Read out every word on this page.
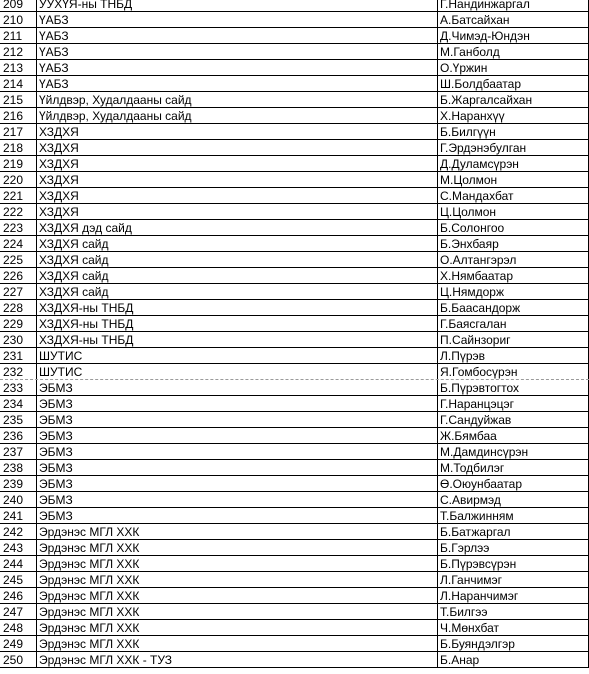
209	УУХҮЯ-ны ТНБД	Г.Нандинжаргал
210	ҮАБЗ	А.Батсайхан
211	ҮАБЗ	Д.Чимэд-Юндэн
212	ҮАБЗ	М.Ганболд
213	ҮАБЗ	О.Үржин
214	ҮАБЗ	Ш.Болдбаатар
215	Үйлдвэр, Худалдааны сайд	Б.Жаргалсайхан
216	Үйлдвэр, Худалдааны сайд	Х.Наранхүү
217	ХЗДХЯ	Б.Билгүүн
218	ХЗДХЯ	Г.Эрдэнэбулган
219	ХЗДХЯ	Д.Дуламсүрэн
220	ХЗДХЯ	М.Цолмон
221	ХЗДХЯ	С.Мандахбат
222	ХЗДХЯ	Ц.Цолмон
223	ХЗДХЯ дэд сайд	Б.Солонгоо
224	ХЗДХЯ сайд	Б.Энхбаяр
225	ХЗДХЯ сайд	О.Алтангэрэл
226	ХЗДХЯ сайд	Х.Нямбаатар
227	ХЗДХЯ сайд	Ц.Нямдорж
228	ХЗДХЯ-ны ТНБД	Б.Баасандорж
229	ХЗДХЯ-ны ТНБД	Г.Баясгалан
230	ХЗДХЯ-ны ТНБД	П.Сайнзориг
231	ШУТИС	Л.Пүрэв
232	ШУТИС	Я.Гомбосүрэн
233	ЭБМЗ	Б.Пүрэвтогтох
234	ЭБМЗ	Г.Наранцэцэг
235	ЭБМЗ	Г.Сандуйжав
236	ЭБМЗ	Ж.Бямбаа
237	ЭБМЗ	М.Дамдинсүрэн
238	ЭБМЗ	М.Тодбилэг
239	ЭБМЗ	Ө.Оюунбаатар
240	ЭБМЗ	С.Авирмэд
241	ЭБМЗ	Т.Балжинням
242	Эрдэнэс МГЛ ХХК	Б.Батжаргал
243	Эрдэнэс МГЛ ХХК	Б.Гэрлээ
244	Эрдэнэс МГЛ ХХК	Б.Пүрэвсүрэн
245	Эрдэнэс МГЛ ХХК	Л.Ганчимэг
246	Эрдэнэс МГЛ ХХК	Л.Наранчимэг
247	Эрдэнэс МГЛ ХХК	Т.Билгээ
248	Эрдэнэс МГЛ ХХК	Ч.Мөнхбат
249	Эрдэнэс МГЛ ХХК	Б.Буяндэлгэр
250	Эрдэнэс МГЛ ХХК - ТУЗ	Б.Анар
